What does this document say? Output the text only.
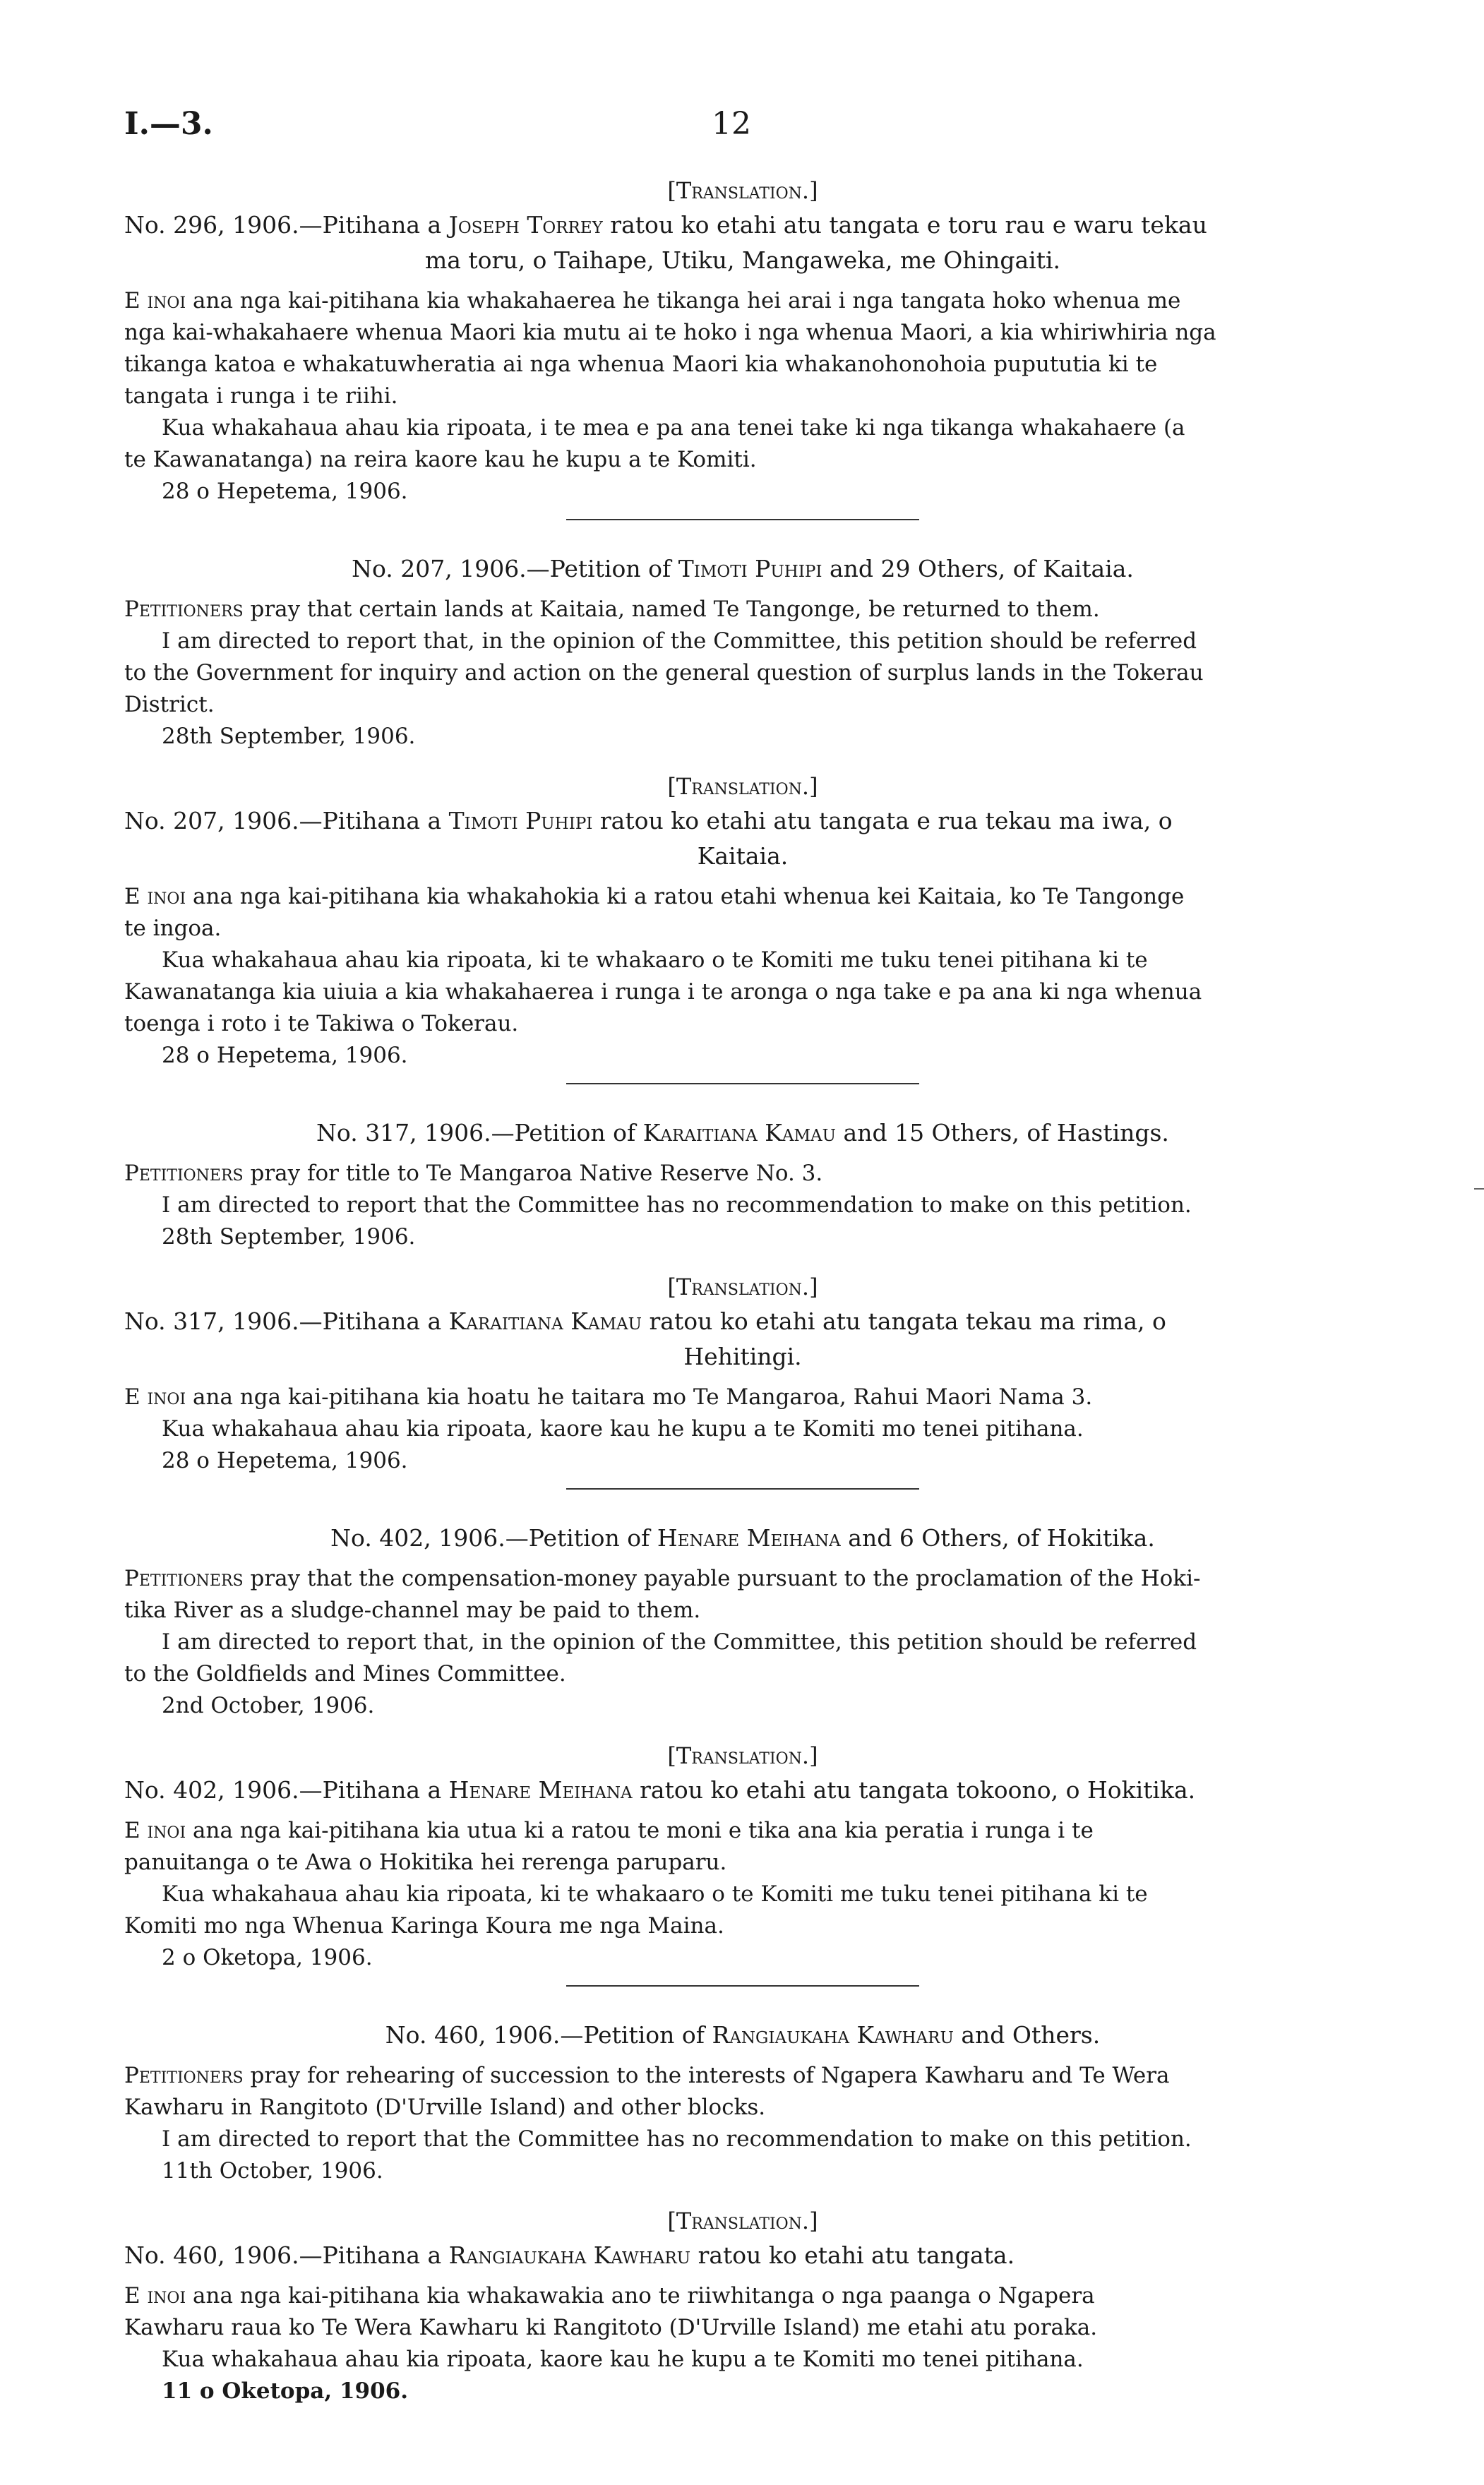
I.—3.	12
[Translation.]
No. 296, 1906.—Pitihana a Joseph Torrey ratou ko etahi atu tangata e toru rau e waru tekau
ma toru, o Taihape, Utiku, Mangaweka, me Ohingaiti.
E inoi ana nga kai-pitihana kia whakahaerea he tikanga hei arai i nga tangata hoko whenua me
nga kai-whakahaere whenua Maori kia mutu ai te hoko i nga whenua Maori, a kia whiriwhiria nga
tikanga katoa e whakatuwheratia ai nga whenua Maori kia whakanohonohoia pupututia ki te
tangata i runga i te riihi.
Kua whakahaua ahau kia ripoata, i te mea e pa ana tenei take ki nga tikanga whakahaere (a
te Kawanatanga) na reira kaore kau he kupu a te Komiti.
28 o Hepetema, 1906.
No. 207, 1906.—Petition of Timoti Puhipi and 29 Others, of Kaitaia.
Petitioners pray that certain lands at Kaitaia, named Te Tangonge, be returned to them.
I am directed to report that, in the opinion of the Committee, this petition should be referred
to the Government for inquiry and action on the general question of surplus lands in the Tokerau
District.
28th September, 1906.
[Translation.]
No. 207, 1906.—Pitihana a Timoti Puhipi ratou ko etahi atu tangata e rua tekau ma iwa, o
Kaitaia.
E inoi ana nga kai-pitihana kia whakahokia ki a ratou etahi whenua kei Kaitaia, ko Te Tangonge
te ingoa.
Kua whakahaua ahau kia ripoata, ki te whakaaro o te Komiti me tuku tenei pitihana ki te
Kawanatanga kia uiuia a kia whakahaerea i runga i te aronga o nga take e pa ana ki nga whenua
toenga i roto i te Takiwa o Tokerau.
28 o Hepetema, 1906.
No. 317, 1906.—Petition of Karaitiana Kamau and 15 Others, of Hastings.
Petitioners pray for title to Te Mangaroa Native Reserve No. 3.
I am directed to report that the Committee has no recommendation to make on this petition.
28th September, 1906.
[Translation.]
No. 317, 1906.—Pitihana a Karaitiana Kamau ratou ko etahi atu tangata tekau ma rima, o
Hehitingi.
E inoi ana nga kai-pitihana kia hoatu he taitara mo Te Mangaroa, Rahui Maori Nama 3.
Kua whakahaua ahau kia ripoata, kaore kau he kupu a te Komiti mo tenei pitihana.
28 o Hepetema, 1906.
No. 402, 1906.—Petition of Henare Meihana and 6 Others, of Hokitika.
Petitioners pray that the compensation-money payable pursuant to the proclamation of the Hoki-
tika River as a sludge-channel may be paid to them.
I am directed to report that, in the opinion of the Committee, this petition should be referred
to the Goldfields and Mines Committee.
2nd October, 1906.
[Translation.]
No. 402, 1906.—Pitihana a Henare Meihana ratou ko etahi atu tangata tokoono, o Hokitika.
E inoi ana nga kai-pitihana kia utua ki a ratou te moni e tika ana kia peratia i runga i te
panuitanga o te Awa o Hokitika hei rerenga paruparu.
Kua whakahaua ahau kia ripoata, ki te whakaaro o te Komiti me tuku tenei pitihana ki te
Komiti mo nga Whenua Karinga Koura me nga Maina.
2 o Oketopa, 1906.
No. 460, 1906.—Petition of Rangiaukaha Kawharu and Others.
Petitioners pray for rehearing of succession to the interests of Ngapera Kawharu and Te Wera
Kawharu in Rangitoto (D'Urville Island) and other blocks.
I am directed to report that the Committee has no recommendation to make on this petition.
11th October, 1906.
[Translation.]
No. 460, 1906.—Pitihana a Rangiaukaha Kawharu ratou ko etahi atu tangata.
E inoi ana nga kai-pitihana kia whakawakia ano te riiwhitanga o nga paanga o Ngapera
Kawharu raua ko Te Wera Kawharu ki Rangitoto (D'Urville Island) me etahi atu poraka.
Kua whakahaua ahau kia ripoata, kaore kau he kupu a te Komiti mo tenei pitihana.
11 o Oketopa, 1906.
